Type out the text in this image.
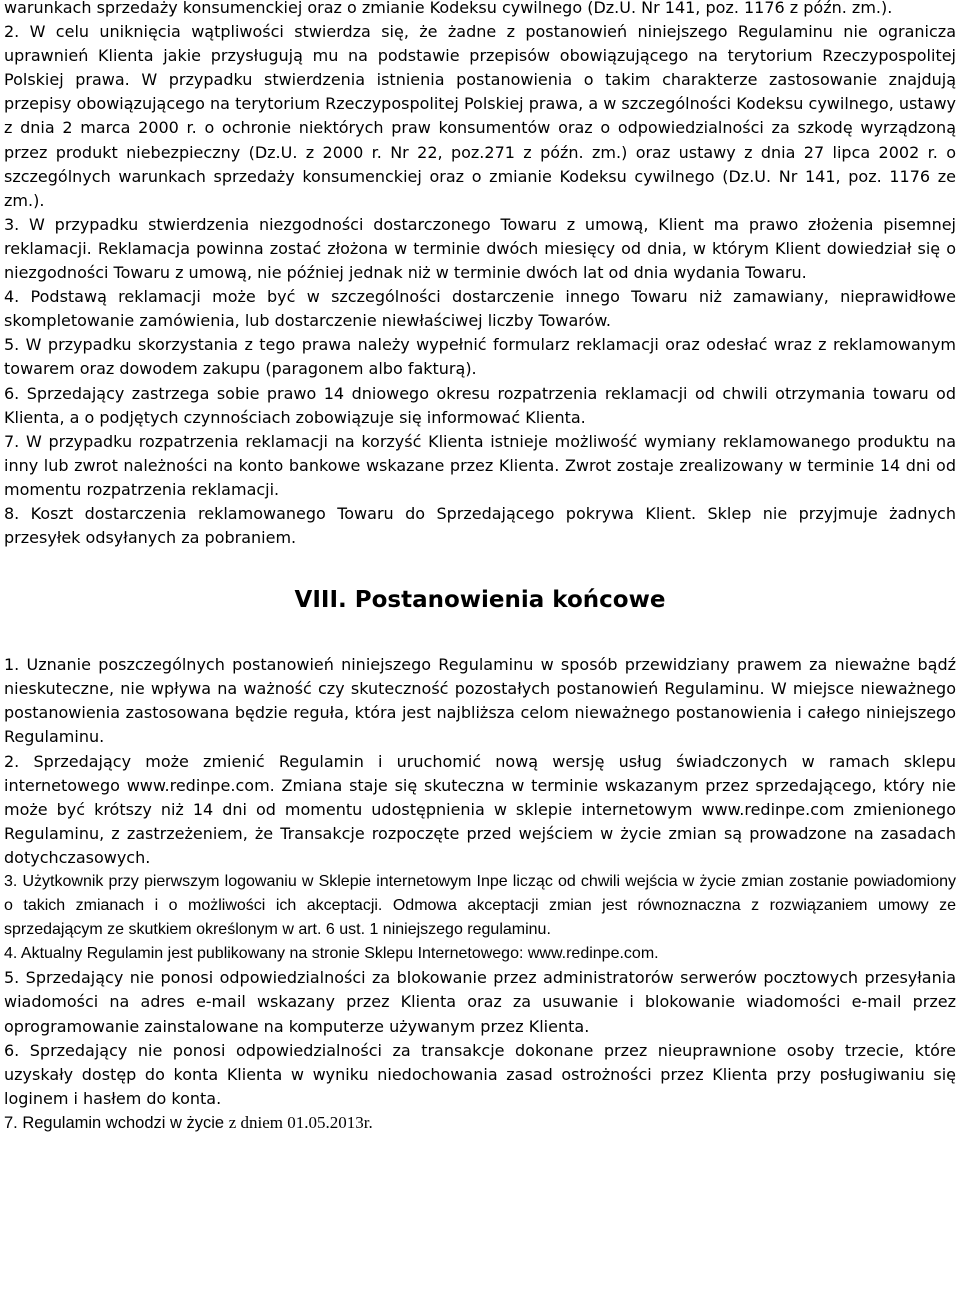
warunkach sprzedaży konsumenckiej oraz o zmianie Kodeksu cywilnego (Dz.U. Nr 141, poz. 1176 z późn. zm.).

2. W celu uniknięcia wątpliwości stwierdza się, że żadne z postanowień niniejszego Regulaminu nie ogranicza uprawnień Klienta jakie przysługują mu na podstawie przepisów obowiązującego na terytorium Rzeczypospolitej Polskiej prawa. W przypadku stwierdzenia istnienia postanowienia o takim charakterze zastosowanie znajdują przepisy obowiązującego na terytorium Rzeczypospolitej Polskiej prawa, a w szczególności Kodeksu cywilnego, ustawy z dnia 2 marca 2000 r. o ochronie niektórych praw konsumentów oraz o odpowiedzialności za szkodę wyrządzoną przez produkt niebezpieczny (Dz.U. z 2000 r. Nr 22, poz.271 z późn. zm.) oraz ustawy z dnia 27 lipca 2002 r. o szczególnych warunkach sprzedaży konsumenckiej oraz o zmianie Kodeksu cywilnego (Dz.U. Nr 141, poz. 1176 ze zm.).

3. W przypadku stwierdzenia niezgodności dostarczonego Towaru z umową, Klient ma prawo złożenia pisemnej reklamacji. Reklamacja powinna zostać złożona w terminie dwóch miesięcy od dnia, w którym Klient dowiedział się o niezgodności Towaru z umową, nie później jednak niż w terminie dwóch lat od dnia wydania Towaru.

4. Podstawą reklamacji może być w szczególności dostarczenie innego Towaru niż zamawiany, nieprawidłowe skompletowanie zamówienia, lub dostarczenie niewłaściwej liczby Towarów.

5. W przypadku skorzystania z tego prawa należy wypełnić formularz reklamacji oraz odesłać wraz z reklamowanym towarem oraz dowodem zakupu (paragonem albo fakturą).

6. Sprzedający zastrzega sobie prawo 14 dniowego okresu rozpatrzenia reklamacji od chwili otrzymania towaru od Klienta, a o podjętych czynnościach zobowiązuje się informować Klienta.

7. W przypadku rozpatrzenia reklamacji na korzyść Klienta istnieje możliwość wymiany reklamowanego produktu na inny lub zwrot należności na konto bankowe wskazane przez Klienta. Zwrot zostaje zrealizowany w terminie 14 dni od momentu rozpatrzenia reklamacji.

8. Koszt dostarczenia reklamowanego Towaru do Sprzedającego pokrywa Klient. Sklep nie przyjmuje żadnych przesyłek odsyłanych za pobraniem.

VIII. Postanowienia końcowe

1. Uznanie poszczególnych postanowień niniejszego Regulaminu w sposób przewidziany prawem za nieważne bądź nieskuteczne, nie wpływa na ważność czy skuteczność pozostałych postanowień Regulaminu. W miejsce nieważnego postanowienia zastosowana będzie reguła, która jest najbliższa celom nieważnego postanowienia i całego niniejszego Regulaminu.

2. Sprzedający może zmienić Regulamin i uruchomić nową wersję usług świadczonych w ramach sklepu internetowego www.redinpe.com. Zmiana staje się skuteczna w terminie wskazanym przez sprzedającego, który nie może być krótszy niż 14 dni od momentu udostępnienia w sklepie internetowym www.redinpe.com zmienionego Regulaminu, z zastrzeżeniem, że Transakcje rozpoczęte przed wejściem w życie zmian są prowadzone na zasadach dotychczasowych.

3. Użytkownik przy pierwszym logowaniu w Sklepie internetowym Inpe licząc od chwili wejścia w życie zmian zostanie powiadomiony o takich zmianach i o możliwości ich akceptacji. Odmowa akceptacji zmian jest równoznaczna z rozwiązaniem umowy ze sprzedającym ze skutkiem określonym w art. 6 ust. 1 niniejszego regulaminu.

4. Aktualny Regulamin jest publikowany na stronie Sklepu Internetowego: www.redinpe.com.

5. Sprzedający nie ponosi odpowiedzialności za blokowanie przez administratorów serwerów pocztowych przesyłania wiadomości na adres e-mail wskazany przez Klienta oraz za usuwanie i blokowanie wiadomości e-mail przez oprogramowanie zainstalowane na komputerze używanym przez Klienta.

6. Sprzedający nie ponosi odpowiedzialności za transakcje dokonane przez nieuprawnione osoby trzecie, które uzyskały dostęp do konta Klienta w wyniku niedochowania zasad ostrożności przez Klienta przy posługiwaniu się loginem i hasłem do konta.

7. Regulamin wchodzi w życie z dniem 01.05.2013r.
